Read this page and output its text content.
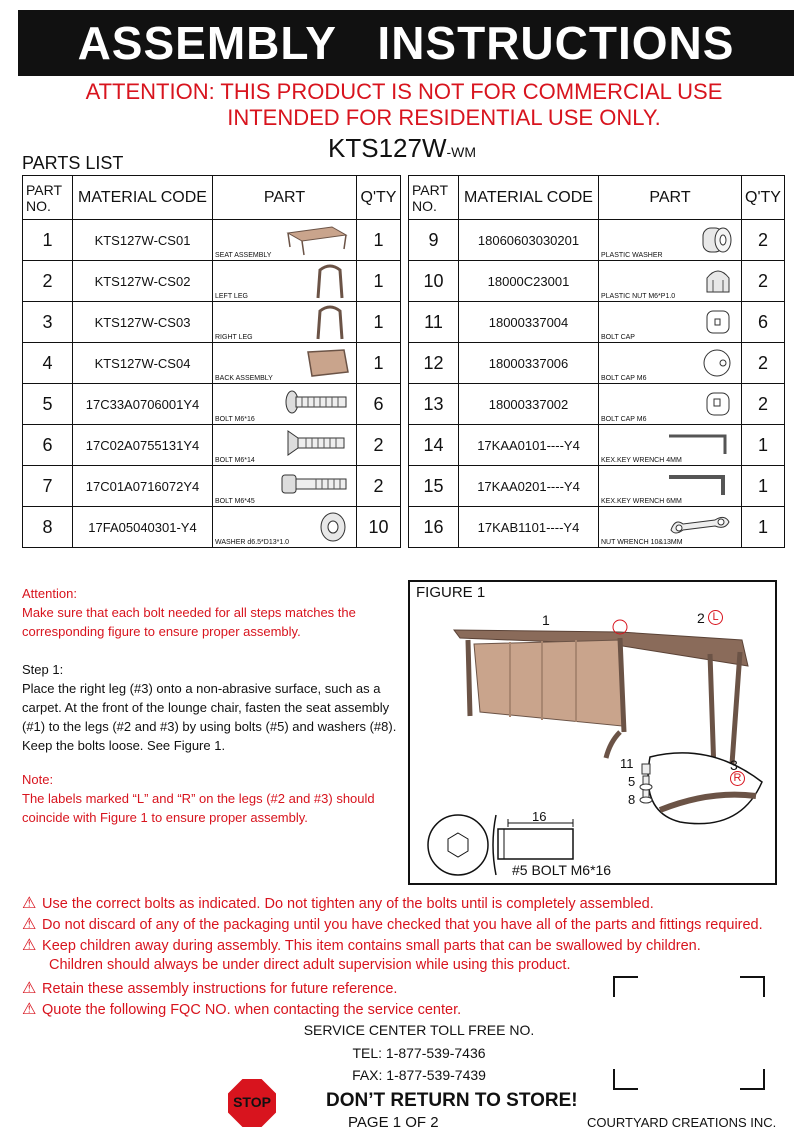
ASSEMBLY   INSTRUCTIONS
ATTENTION: THIS PRODUCT IS NOT FOR COMMERCIAL USE
INTENDED FOR RESIDENTIAL USE ONLY.
KTS127W-WM
PARTS LIST
PART NO.	MATERIAL CODE	PART	Q'TY
1	KTS127W-CS01	SEAT ASSEMBLY	1
2	KTS127W-CS02	LEFT LEG	1
3	KTS127W-CS03	RIGHT LEG	1
4	KTS127W-CS04	BACK ASSEMBLY	1
5	17C33A0706001Y4	BOLT M6*16	6
6	17C02A0755131Y4	BOLT M6*14	2
7	17C01A0716072Y4	BOLT M6*45	2
8	17FA05040301-Y4	WASHER d6.5*D13*1.0	10
PART NO.	MATERIAL CODE	PART	Q'TY
9	18060603030201	PLASTIC WASHER	2
10	18000C23001	PLASTIC NUT M6*P1.0	2
11	18000337004	BOLT CAP	6
12	18000337006	BOLT CAP M6	2
13	18000337002	BOLT CAP M6	2
14	17KAA0101----Y4	KEX.KEY WRENCH 4MM	1
15	17KAA0201----Y4	KEX.KEY WRENCH 6MM	1
16	17KAB1101----Y4	NUT WRENCH 10&13MM	1
Attention:
Make sure that each bolt needed for all steps matches the corresponding figure to ensure proper assembly.
Step 1:
Place the right leg (#3) onto a non-abrasive surface, such as a carpet. At the front of the lounge chair, fasten the seat assembly (#1) to the legs (#2 and #3) by using bolts (#5) and washers (#8). Keep the bolts loose. See Figure 1.
Note:
The labels marked “L” and “R” on the legs (#2 and #3) should coincide with Figure 1 to ensure proper assembly.	16
#5 BOLT M6*16
FIGURE 1
1	2 L
3
R
11
5
8
⚠ Use the correct bolts as indicated. Do not tighten any of the bolts until is completely assembled.
⚠ Do not discard of any of the packaging until you have checked that you have all of the parts and fittings required.
⚠ Keep children away during assembly. This item contains small parts that can be swallowed by children.
Children should always be under direct adult supervision while using this product.
⚠ Retain these assembly instructions for future reference.
⚠ Quote the following FQC NO. when contacting the service center.
SERVICE CENTER TOLL FREE NO.
TEL: 1-877-539-7436
FAX: 1-877-539-7439
STOP	DON’T RETURN TO STORE!
PAGE 1 OF 2	COURTYARD CREATIONS INC.
